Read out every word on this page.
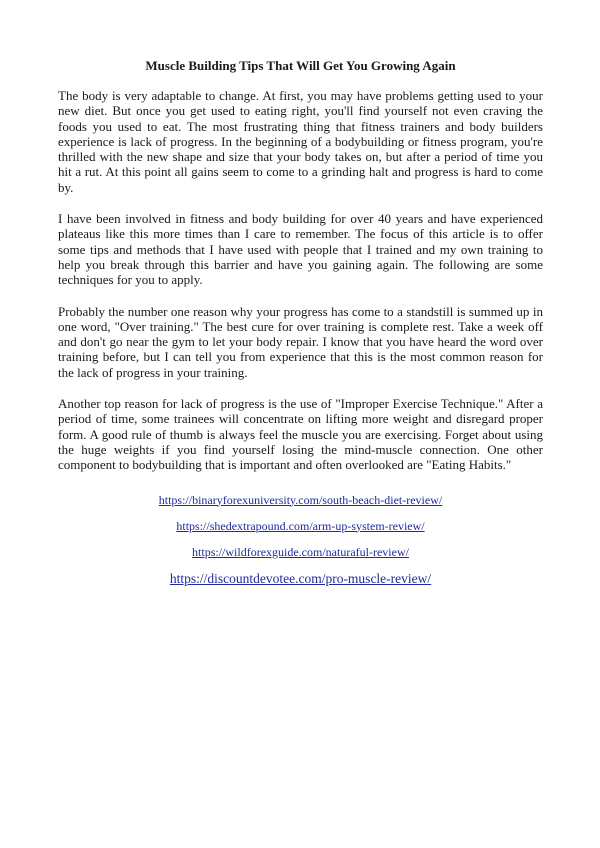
Muscle Building Tips That Will Get You Growing Again

The body is very adaptable to change. At first, you may have problems getting used to your new diet. But once you get used to eating right, you'll find yourself not even craving the foods you used to eat. The most frustrating thing that fitness trainers and body builders experience is lack of progress. In the beginning of a bodybuilding or fitness program, you're thrilled with the new shape and size that your body takes on, but after a period of time you hit a rut. At this point all gains seem to come to a grinding halt and progress is hard to come by.

I have been involved in fitness and body building for over 40 years and have experienced plateaus like this more times than I care to remember. The focus of this article is to offer some tips and methods that I have used with people that I trained and my own training to help you break through this barrier and have you gaining again. The following are some techniques for you to apply.

Probably the number one reason why your progress has come to a standstill is summed up in one word, "Over training." The best cure for over training is complete rest. Take a week off and don't go near the gym to let your body repair. I know that you have heard the word over training before, but I can tell you from experience that this is the most common reason for the lack of progress in your training.

Another top reason for lack of progress is the use of "Improper Exercise Technique." After a period of time, some trainees will concentrate on lifting more weight and disregard proper form. A good rule of thumb is always feel the muscle you are exercising. Forget about using the huge weights if you find yourself losing the mind-muscle connection. One other component to bodybuilding that is important and often overlooked are "Eating Habits."

https://binaryforexuniversity.com/south-beach-diet-review/
https://shedextrapound.com/arm-up-system-review/
https://wildforexguide.com/naturaful-review/
https://discountdevotee.com/pro-muscle-review/
